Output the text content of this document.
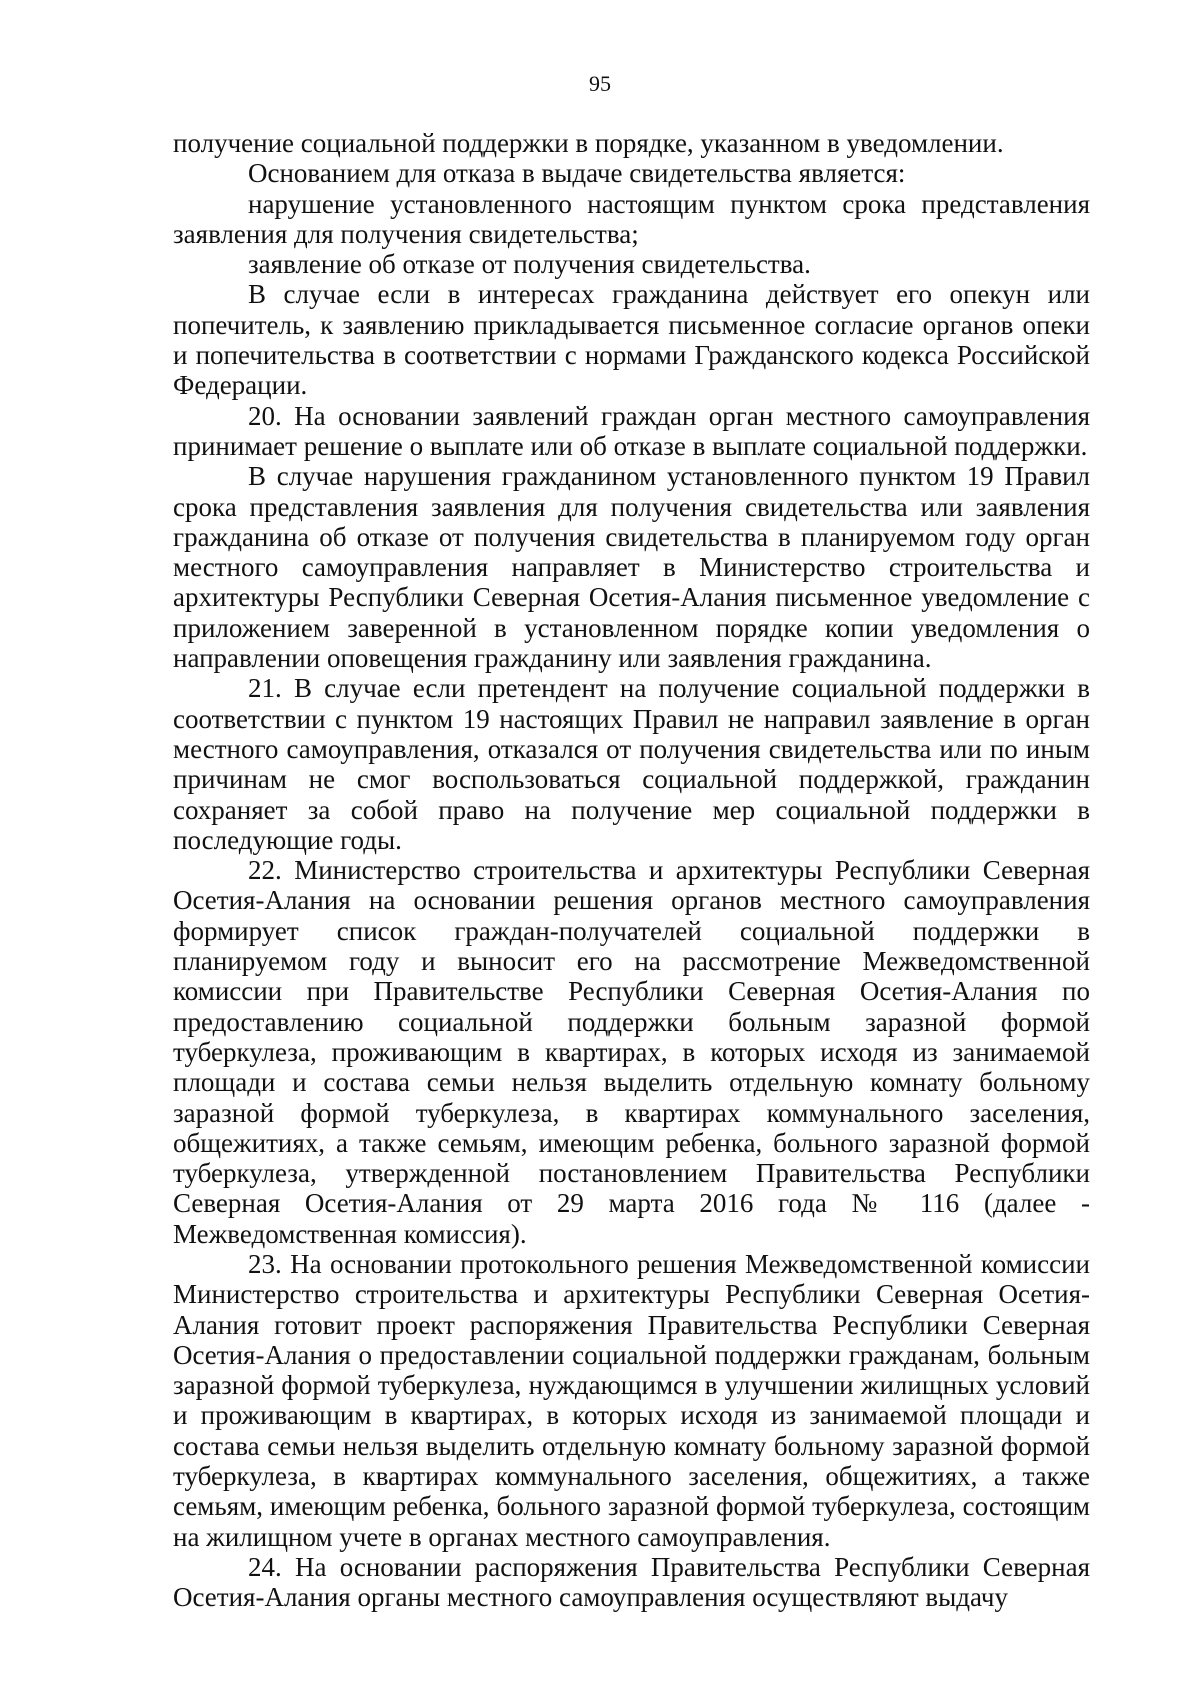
95

получение социальной поддержки в порядке, указанном в уведомлении.

Основанием для отказа в выдаче свидетельства является:

нарушение установленного настоящим пунктом срока представления заявления для получения свидетельства;

заявление об отказе от получения свидетельства.

В случае если в интересах гражданина действует его опекун или попечитель, к заявлению прикладывается письменное согласие органов опеки и попечительства в соответствии с нормами Гражданского кодекса Российской Федерации.

20. На основании заявлений граждан орган местного самоуправления принимает решение о выплате или об отказе в выплате социальной поддержки.

В случае нарушения гражданином установленного пунктом 19 Правил срока представления заявления для получения свидетельства или заявления гражданина об отказе от получения свидетельства в планируемом году орган местного самоуправления направляет в Министерство строительства и архитектуры Республики Северная Осетия-Алания письменное уведомление с приложением заверенной в установленном порядке копии уведомления о направлении оповещения гражданину или заявления гражданина.

21. В случае если претендент на получение социальной поддержки в соответствии с пунктом 19 настоящих Правил не направил заявление в орган местного самоуправления, отказался от получения свидетельства или по иным причинам не смог воспользоваться социальной поддержкой, гражданин сохраняет за собой право на получение мер социальной поддержки в последующие годы.

22. Министерство строительства и архитектуры Республики Северная Осетия-Алания на основании решения органов местного самоуправления формирует список граждан-получателей социальной поддержки в планируемом году и выносит его на рассмотрение Межведомственной комиссии при Правительстве Республики Северная Осетия-Алания по предоставлению социальной поддержки больным заразной формой туберкулеза, проживающим в квартирах, в которых исходя из занимаемой площади и состава семьи нельзя выделить отдельную комнату больному заразной формой туберкулеза, в квартирах коммунального заселения, общежитиях, а также семьям, имеющим ребенка, больного заразной формой туберкулеза, утвержденной постановлением Правительства Республики Северная Осетия-Алания от 29 марта 2016 года № 116 (далее - Межведомственная комиссия).

23. На основании протокольного решения Межведомственной комиссии Министерство строительства и архитектуры Республики Северная Осетия-Алания готовит проект распоряжения Правительства Республики Северная Осетия-Алания о предоставлении социальной поддержки гражданам, больным заразной формой туберкулеза, нуждающимся в улучшении жилищных условий и проживающим в квартирах, в которых исходя из занимаемой площади и состава семьи нельзя выделить отдельную комнату больному заразной формой туберкулеза, в квартирах коммунального заселения, общежитиях, а также семьям, имеющим ребенка, больного заразной формой туберкулеза, состоящим на жилищном учете в органах местного самоуправления.

24. На основании распоряжения Правительства Республики Северная Осетия-Алания органы местного самоуправления осуществляют выдачу
